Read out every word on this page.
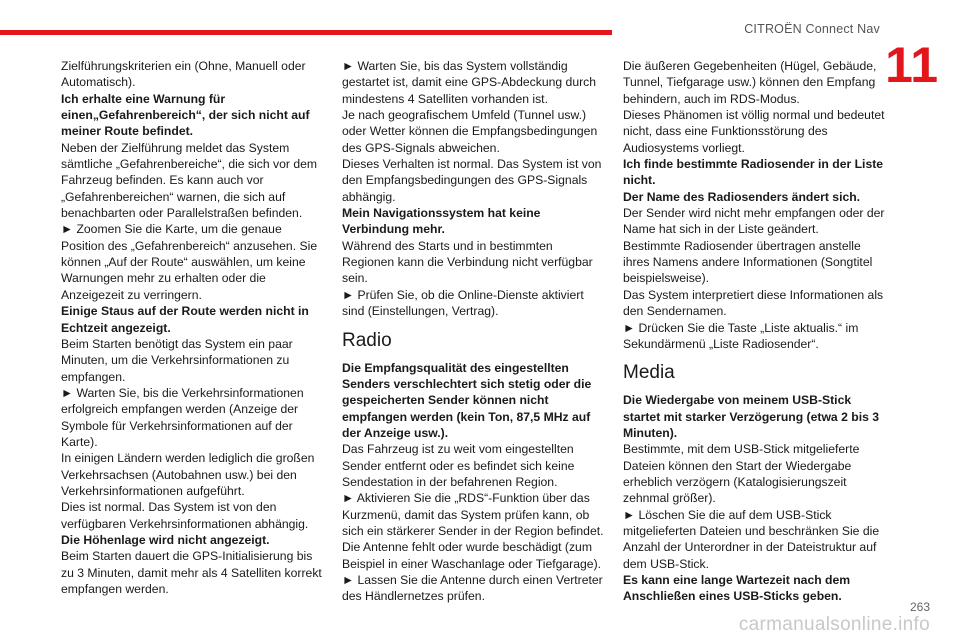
CITROËN Connect Nav
11

Zielführungskriterien ein (Ohne, Manuell oder Automatisch).

Ich erhalte eine Warnung für einen„Gefahrenbereich“, der sich nicht auf meiner Route befindet.

Neben der Zielführung meldet das System sämtliche „Gefahrenbereiche“, die sich vor dem Fahrzeug befinden. Es kann auch vor „Gefahrenbereichen“ warnen, die sich auf benachbarten oder Parallelstraßen befinden.

► Zoomen Sie die Karte, um die genaue Position des „Gefahrenbereich“ anzusehen. Sie können „Auf der Route“ auswählen, um keine Warnungen mehr zu erhalten oder die Anzeigezeit zu verringern.

Einige Staus auf der Route werden nicht in Echtzeit angezeigt.

Beim Starten benötigt das System ein paar Minuten, um die Verkehrsinformationen zu empfangen.

► Warten Sie, bis die Verkehrsinformationen erfolgreich empfangen werden (Anzeige der Symbole für Verkehrsinformationen auf der Karte).

In einigen Ländern werden lediglich die großen Verkehrsachsen (Autobahnen usw.) bei den Verkehrsinformationen aufgeführt.

Dies ist normal. Das System ist von den verfügbaren Verkehrsinformationen abhängig.

Die Höhenlage wird nicht angezeigt.

Beim Starten dauert die GPS-Initialisierung bis zu 3 Minuten, damit mehr als 4 Satelliten korrekt empfangen werden.

► Warten Sie, bis das System vollständig gestartet ist, damit eine GPS-Abdeckung durch mindestens 4 Satelliten vorhanden ist.

Je nach geografischem Umfeld (Tunnel usw.) oder Wetter können die Empfangsbedingungen des GPS-Signals abweichen.

Dieses Verhalten ist normal. Das System ist von den Empfangsbedingungen des GPS-Signals abhängig.

Mein Navigationssystem hat keine Verbindung mehr.

Während des Starts und in bestimmten Regionen kann die Verbindung nicht verfügbar sein.

► Prüfen Sie, ob die Online-Dienste aktiviert sind (Einstellungen, Vertrag).

Radio

Die Empfangsqualität des eingestellten Senders verschlechtert sich stetig oder die gespeicherten Sender können nicht empfangen werden (kein Ton, 87,5 MHz auf der Anzeige usw.).

Das Fahrzeug ist zu weit vom eingestellten Sender entfernt oder es befindet sich keine Sendestation in der befahrenen Region.

► Aktivieren Sie die „RDS“-Funktion über das Kurzmenü, damit das System prüfen kann, ob sich ein stärkerer Sender in der Region befindet.

Die Antenne fehlt oder wurde beschädigt (zum Beispiel in einer Waschanlage oder Tiefgarage).

► Lassen Sie die Antenne durch einen Vertreter des Händlernetzes prüfen.

Die äußeren Gegebenheiten (Hügel, Gebäude, Tunnel, Tiefgarage usw.) können den Empfang behindern, auch im RDS-Modus.

Dieses Phänomen ist völlig normal und bedeutet nicht, dass eine Funktionsstörung des Audiosystems vorliegt.

Ich finde bestimmte Radiosender in der Liste nicht.

Der Name des Radiosenders ändert sich.

Der Sender wird nicht mehr empfangen oder der Name hat sich in der Liste geändert.

Bestimmte Radiosender übertragen anstelle ihres Namens andere Informationen (Songtitel beispielsweise).

Das System interpretiert diese Informationen als den Sendernamen.

► Drücken Sie die Taste „Liste aktualis.“ im Sekundärmenü „Liste Radiosender“.

Media

Die Wiedergabe von meinem USB-Stick startet mit starker Verzögerung (etwa 2 bis 3 Minuten).

Bestimmte, mit dem USB-Stick mitgelieferte Dateien können den Start der Wiedergabe erheblich verzögern (Katalogisierungszeit zehnmal größer).

► Löschen Sie die auf dem USB-Stick mitgelieferten Dateien und beschränken Sie die Anzahl der Unterordner in der Dateistruktur auf dem USB-Stick.

Es kann eine lange Wartezeit nach dem Anschließen eines USB-Sticks geben.

carmanualsonline.info
263
